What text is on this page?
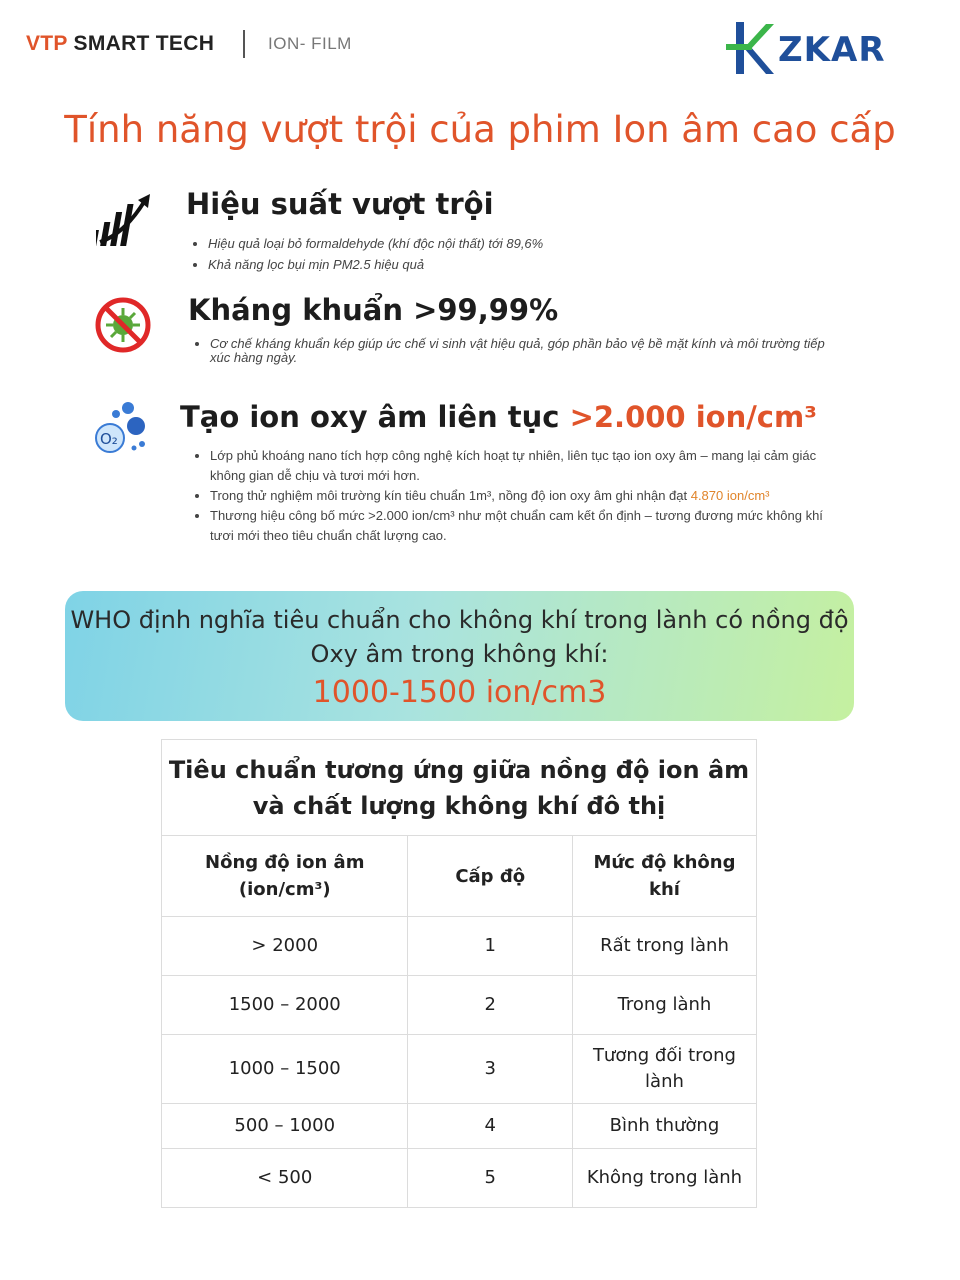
VTP SMART TECH	ION- FILM	ZKAR
Tính năng vượt trội của phim Ion âm cao cấp
Hiệu suất vượt trội
• Hiệu quả loại bỏ formaldehyde (khí độc nội thất) tới 89,6%
• Khả năng lọc bụi mịn PM2.5 hiệu quả
Kháng khuẩn >99,99%
• Cơ chế kháng khuẩn kép giúp ức chế vi sinh vật hiệu quả, góp phần bảo vệ bề mặt kính và môi trường tiếp xúc hàng ngày.
O₂
Tạo ion oxy âm liên tục >2.000 ion/cm³
• Lớp phủ khoáng nano tích hợp công nghệ kích hoạt tự nhiên, liên tục tạo ion oxy âm – mang lại cảm giác không gian dễ chịu và tươi mới hơn.
• Trong thử nghiệm môi trường kín tiêu chuẩn 1m³, nồng độ ion oxy âm ghi nhận đạt 4.870 ion/cm³
• Thương hiệu công bố mức >2.000 ion/cm³ như một chuẩn cam kết ổn định – tương đương mức không khí tươi mới theo tiêu chuẩn chất lượng cao.
WHO định nghĩa tiêu chuẩn cho không khí trong lành có nồng độ Oxy âm trong không khí:
1000-1500 ion/cm3
Tiêu chuẩn tương ứng giữa nồng độ ion âm và chất lượng không khí đô thị		
Nồng độ ion âm (ion/cm³)	Cấp độ	Mức độ không khí
> 2000	1	Rất trong lành
1500 – 2000	2	Trong lành
1000 – 1500	3	Tương đối trong lành
500 – 1000	4	Bình thường
< 500	5	Không trong lành
